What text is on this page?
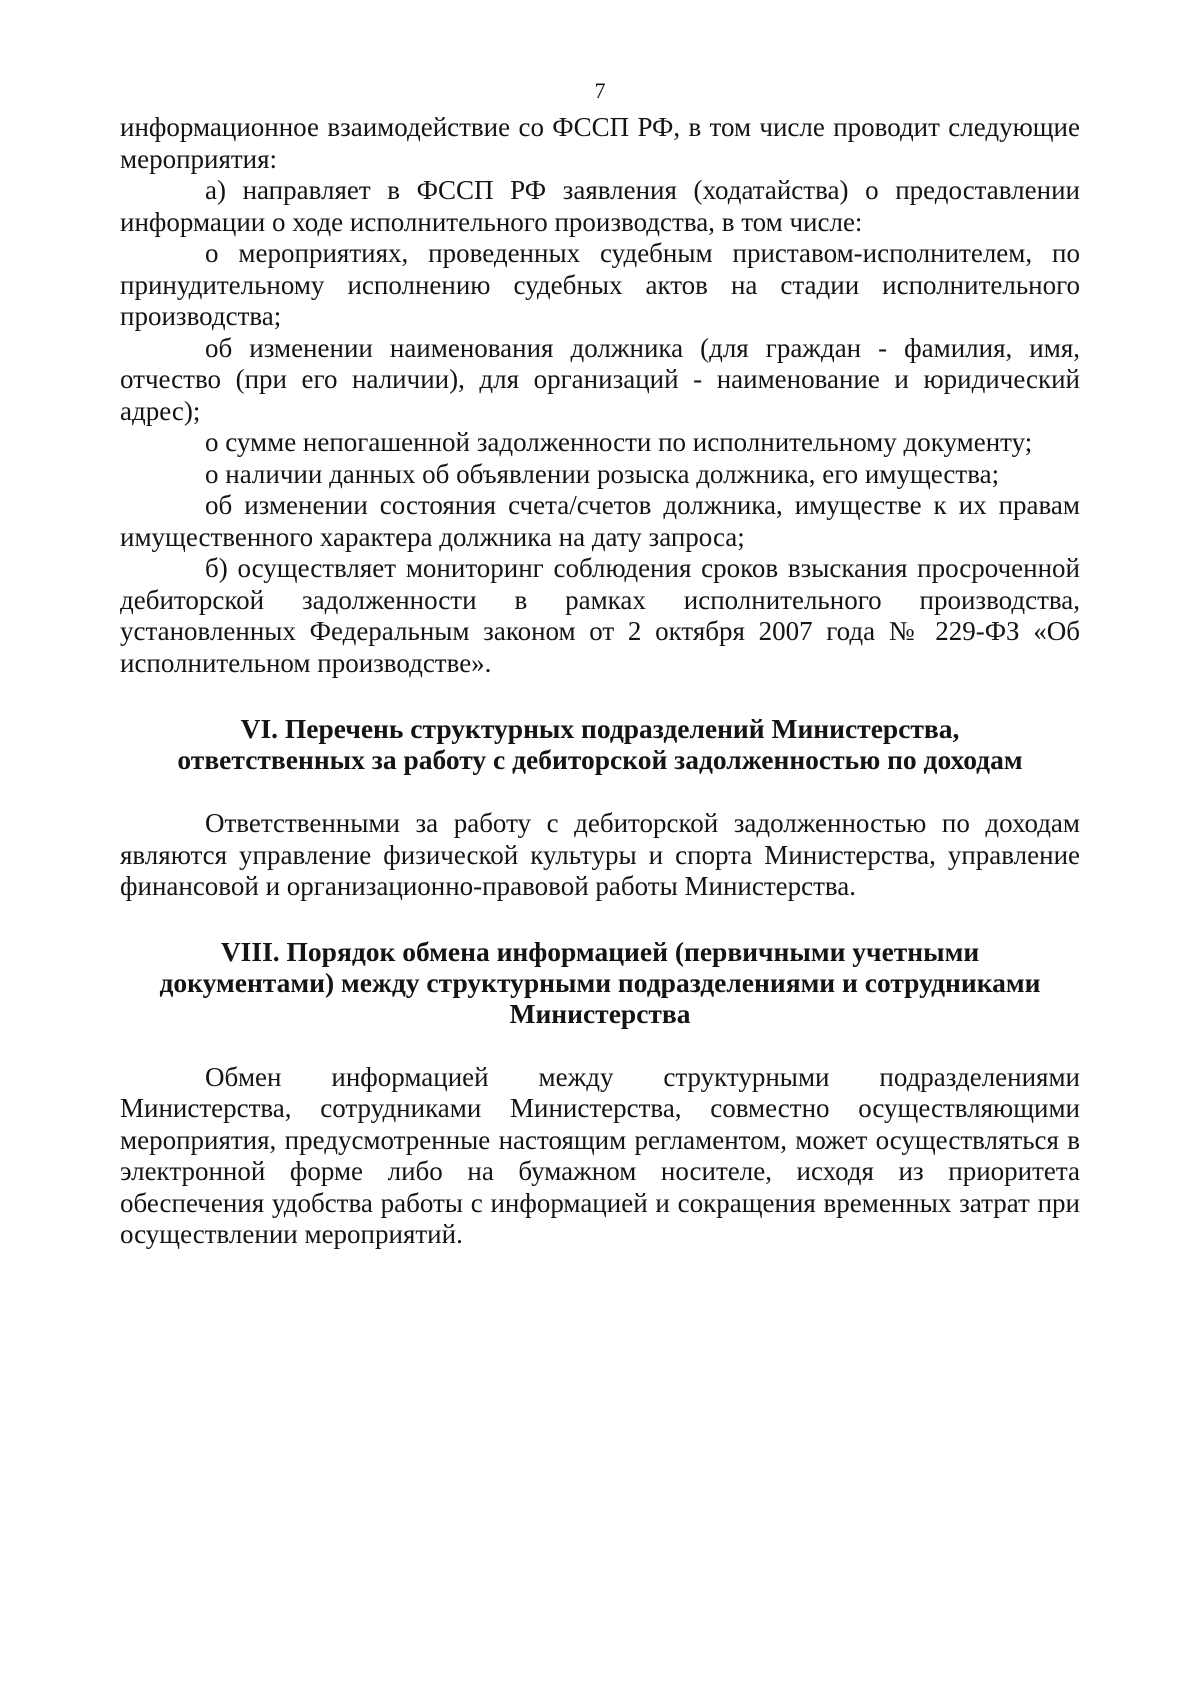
7

информационное взаимодействие со ФССП РФ, в том числе проводит следующие мероприятия:

а) направляет в ФССП РФ заявления (ходатайства) о предоставлении информации о ходе исполнительного производства, в том числе:

о мероприятиях, проведенных судебным приставом-исполнителем, по принудительному исполнению судебных актов на стадии исполнительного производства;

об изменении наименования должника (для граждан - фамилия, имя, отчество (при его наличии), для организаций - наименование и юридический адрес);

о сумме непогашенной задолженности по исполнительному документу;

о наличии данных об объявлении розыска должника, его имущества;

об изменении состояния счета/счетов должника, имуществе к их правам имущественного характера должника на дату запроса;

б) осуществляет мониторинг соблюдения сроков взыскания просроченной дебиторской задолженности в рамках исполнительного производства, установленных Федеральным законом от 2 октября 2007 года № 229-ФЗ «Об исполнительном производстве».

VI. Перечень структурных подразделений Министерства,
ответственных за работу с дебиторской задолженностью по доходам

Ответственными за работу с дебиторской задолженностью по доходам являются управление физической культуры и спорта Министерства, управление финансовой и организационно-правовой работы Министерства.

VIII. Порядок обмена информацией (первичными учетными
документами) между структурными подразделениями и сотрудниками
Министерства

Обмен информацией между структурными подразделениями Министерства, сотрудниками Министерства, совместно осуществляющими мероприятия, предусмотренные настоящим регламентом, может осуществляться в электронной форме либо на бумажном носителе, исходя из приоритета обеспечения удобства работы с информацией и сокращения временных затрат при осуществлении мероприятий.
